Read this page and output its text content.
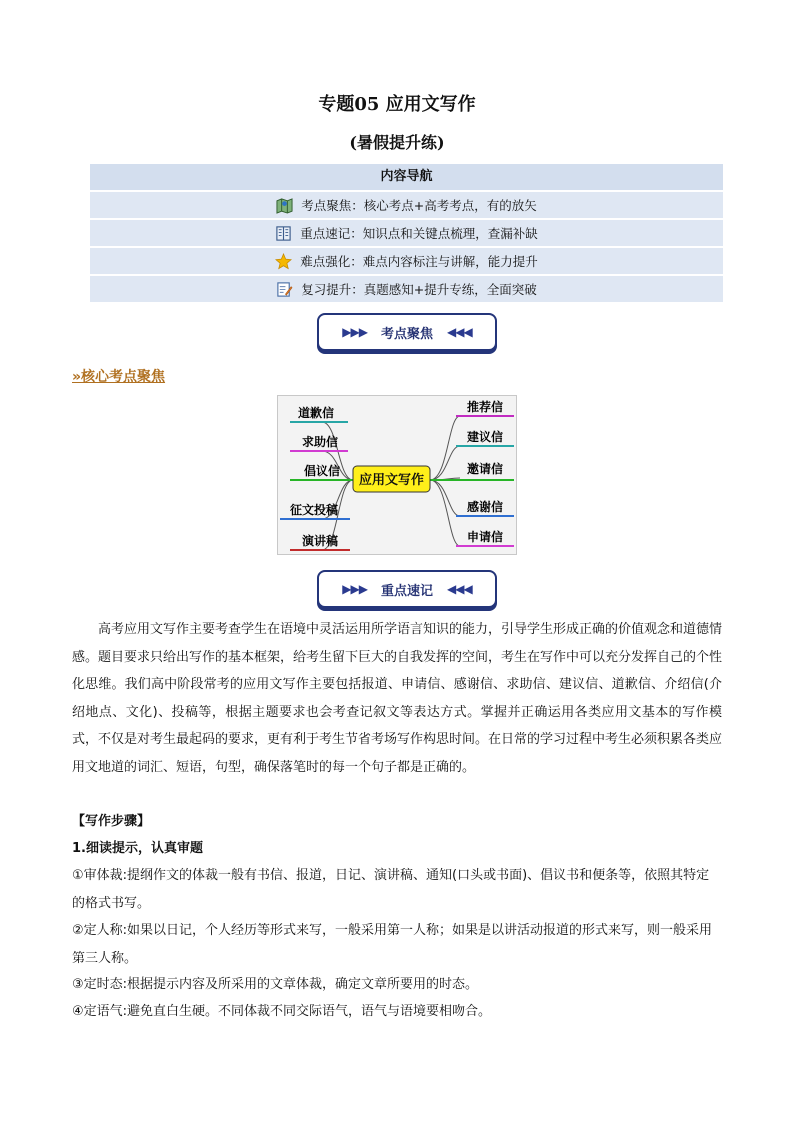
专题05 应用文写作
(暑假提升练)
内容导航
考点聚焦：核心考点+高考考点，有的放矢
重点速记：知识点和关键点梳理，查漏补缺
难点强化：难点内容标注与讲解，能力提升
复习提升：真题感知+提升专练，全面突破
▶▶▶ 考点聚焦 ◀◀◀
»核心考点聚焦
应用文写作
道歉信
求助信
倡议信
征文投稿
演讲稿
推荐信
建议信
邀请信
感谢信
申请信
▶▶▶ 重点速记 ◀◀◀
高考应用文写作主要考查学生在语境中灵活运用所学语言知识的能力，引导学生形成正确的价值观念和道德情感。题目要求只给出写作的基本框架，给考生留下巨大的自我发挥的空间，考生在写作中可以充分发挥自己的个性化思维。我们高中阶段常考的应用文写作主要包括报道、申请信、感谢信、求助信、建议信、道歉信、介绍信(介绍地点、文化)、投稿等，根据主题要求也会考查记叙文等表达方式。掌握并正确运用各类应用文基本的写作模式，不仅是对考生最起码的要求，更有利于考生节省考场写作构思时间。在日常的学习过程中考生必须积累各类应用文地道的词汇、短语，句型，确保落笔时的每一个句子都是正确的。
【写作步骤】
1.细读提示，认真审题
①审体裁:提纲作文的体裁一般有书信、报道，日记、演讲稿、通知(口头或书面)、倡议书和便条等，依照其特定的格式书写。
②定人称:如果以日记，个人经历等形式来写，一般采用第一人称；如果是以讲活动报道的形式来写，则一般采用第三人称。
③定时态:根据提示内容及所采用的文章体裁，确定文章所要用的时态。
④定语气:避免直白生硬。不同体裁不同交际语气，语气与语境要相吻合。
